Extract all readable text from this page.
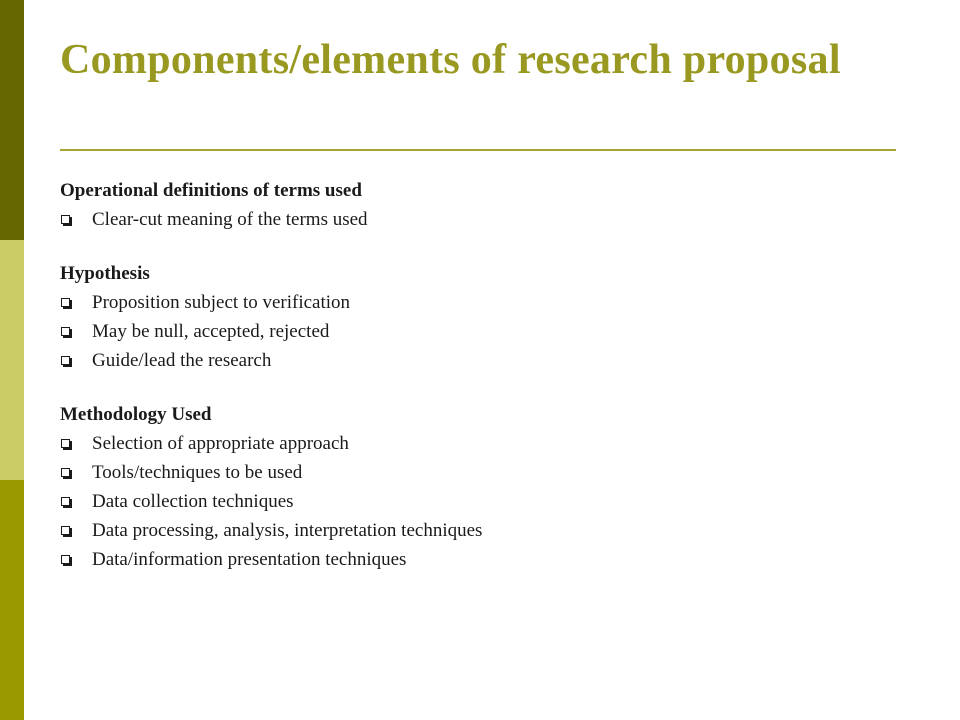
Components/elements of research proposal

Operational definitions of terms used

Clear-cut meaning of the terms used

Hypothesis

Proposition subject to verification
May be null, accepted, rejected
Guide/lead the research

Methodology Used

Selection of appropriate approach
Tools/techniques to be used
Data collection techniques
Data processing, analysis, interpretation techniques
Data/information presentation techniques
